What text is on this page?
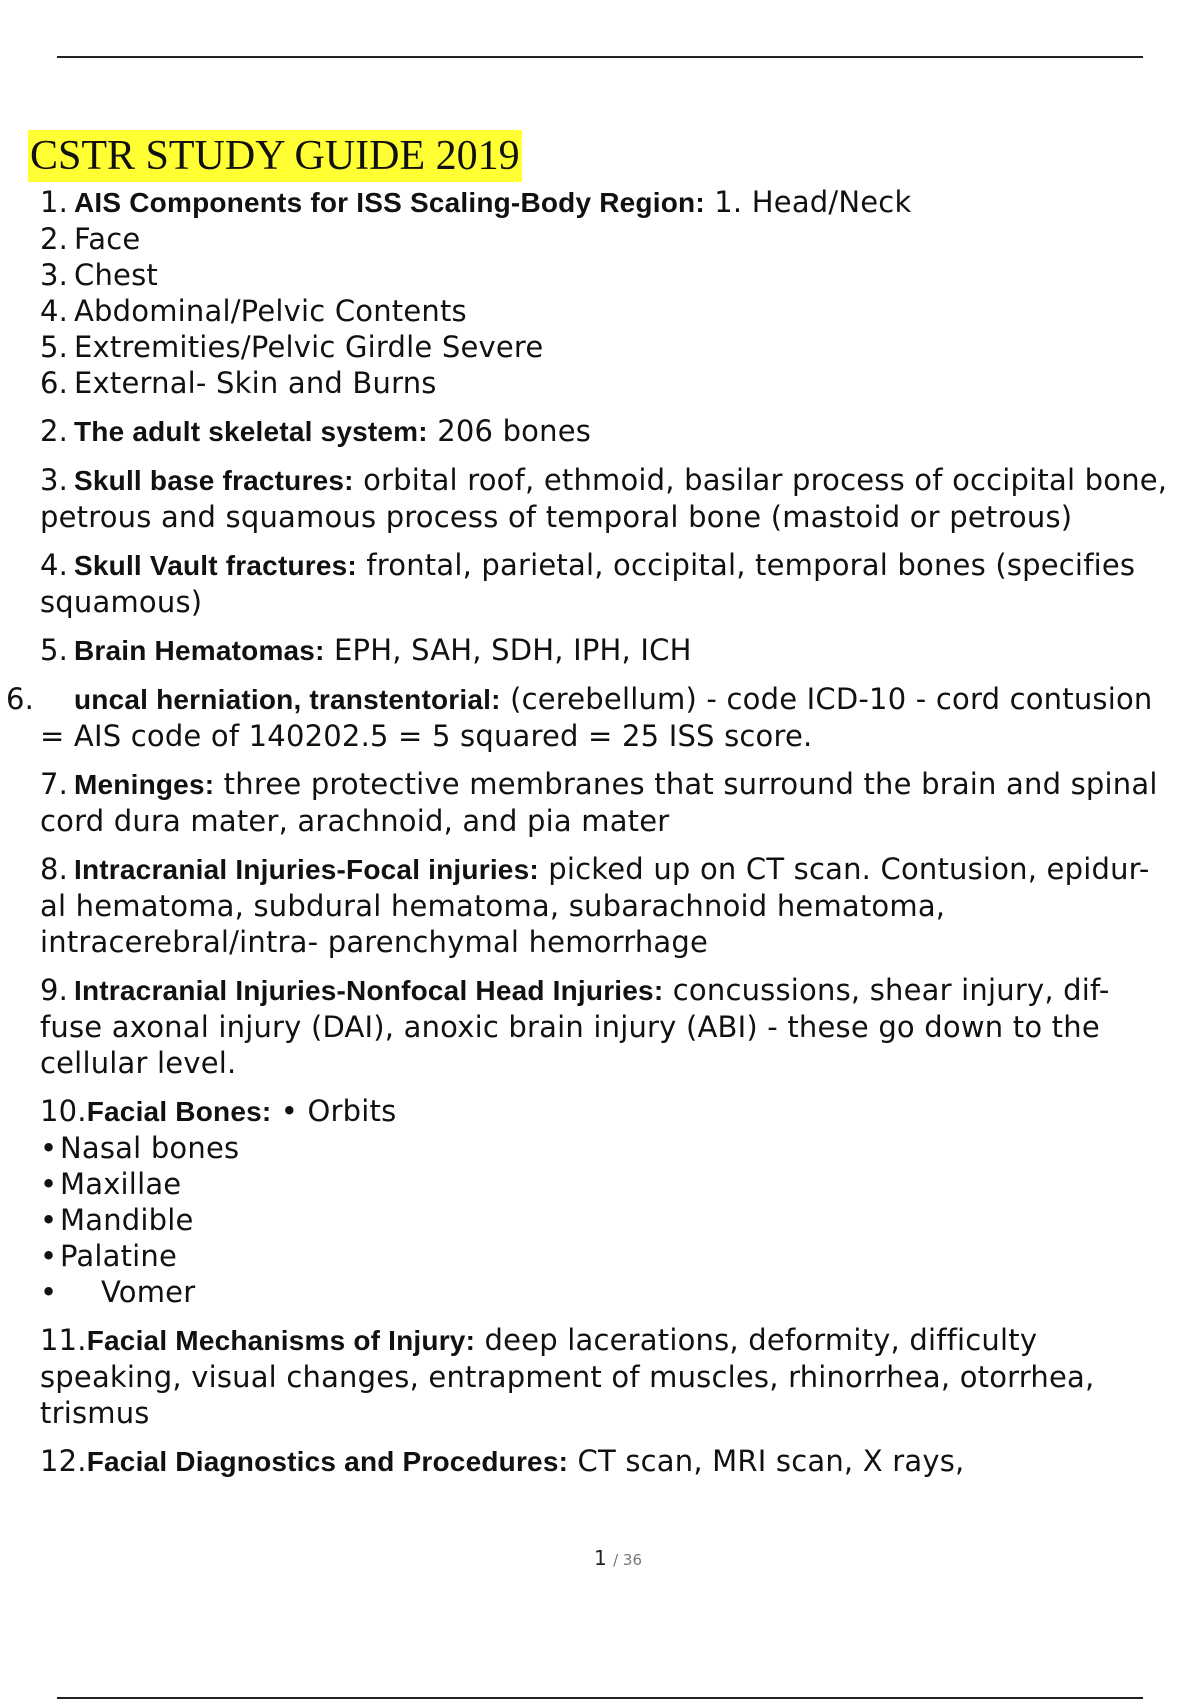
CSTR STUDY GUIDE 2019

1. AIS Components for ISS Scaling-Body Region: 1. Head/Neck

2. Face

3. Chest

4. Abdominal/Pelvic Contents

5. Extremities/Pelvic Girdle Severe

6. External- Skin and Burns

2. The adult skeletal system: 206 bones

3. Skull base fractures: orbital roof, ethmoid, basilar process of occipital bone, petrous and squamous process of temporal bone (mastoid or petrous)

4. Skull Vault fractures: frontal, parietal, occipital, temporal bones (specifies squamous)

5. Brain Hematomas: EPH, SAH, SDH, IPH, ICH

6. uncal herniation, transtentorial: (cerebellum) - code ICD-10 - cord contusion

= AIS code of 140202.5 = 5 squared = 25 ISS score.

7. Meninges: three protective membranes that surround the brain and spinal cord dura mater, arachnoid, and pia mater

8. Intracranial Injuries-Focal injuries: picked up on CT scan. Contusion, epidur- al hematoma, subdural hematoma, subarachnoid hematoma, intracerebral/intra- parenchymal hemorrhage

9. Intracranial Injuries-Nonfocal Head Injuries: concussions, shear injury, dif- fuse axonal injury (DAI), anoxic brain injury (ABI) - these go down to the cellular level.

10.Facial Bones: • Orbits

•Nasal bones

•Maxillae

•Mandible

•Palatine

• Vomer

11.Facial Mechanisms of Injury: deep lacerations, deformity, difficulty speaking, visual changes, entrapment of muscles, rhinorrhea, otorrhea, trismus

12.Facial Diagnostics and Procedures: CT scan, MRI scan, X rays,

1 / 36
